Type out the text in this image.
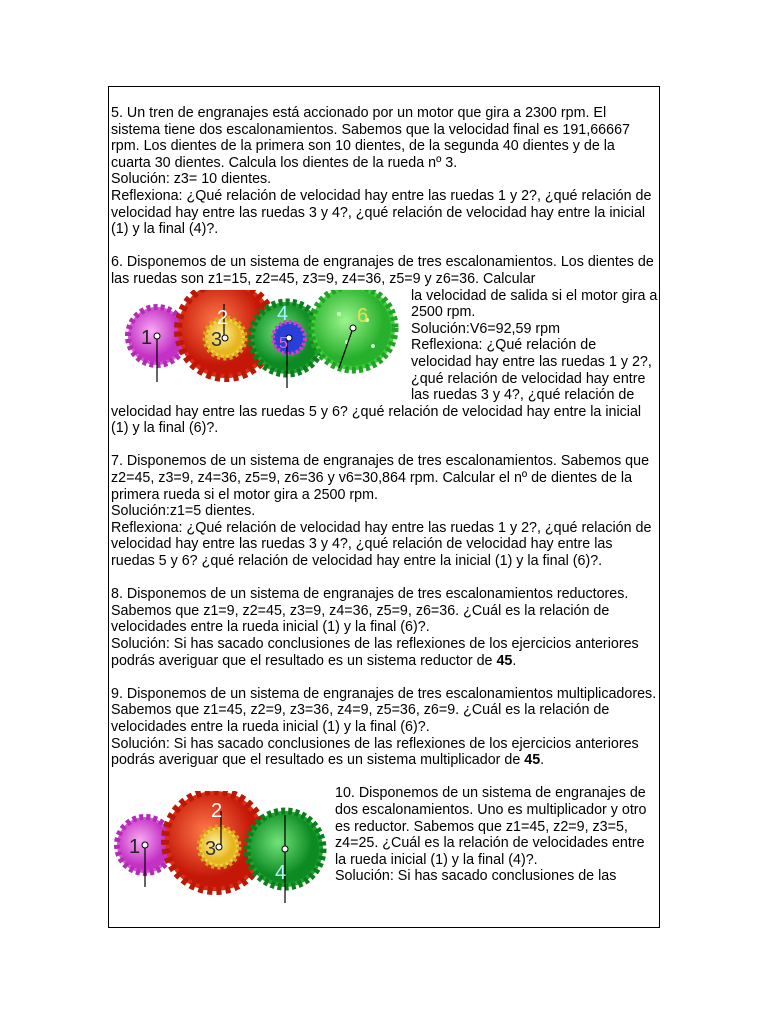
5. Un tren de engranajes está accionado por un motor que gira a 2300 rpm. El sistema tiene dos escalonamientos. Sabemos que la velocidad final es 191,66667 rpm. Los dientes de la primera son 10 dientes, de la segunda 40 dientes y de la cuarta 30 dientes. Calcula los dientes de la rueda nº 3.

Solución: z3= 10 dientes.

Reflexiona: ¿Qué relación de velocidad hay entre las ruedas 1 y 2?, ¿qué relación de velocidad hay entre las ruedas 3 y 4?, ¿qué relación de velocidad hay entre la inicial (1) y la final (4)?.

6. Disponemos de un sistema de engranajes de tres escalonamientos. Los dientes de las ruedas son z1=15, z2=45, z3=9, z4=36, z5=9 y z6=36. Calcular

1
2
3
4
5
6

la velocidad de salida si el motor gira a 2500 rpm.

Solución:V6=92,59 rpm

Reflexiona: ¿Qué relación de velocidad hay entre las ruedas 1 y 2?, ¿qué relación de velocidad hay entre las ruedas 3 y 4?, ¿qué relación de velocidad hay entre las ruedas 5 y 6? ¿qué relación de velocidad hay entre la inicial (1) y la final (6)?.

7. Disponemos de un sistema de engranajes de tres escalonamientos. Sabemos que z2=45, z3=9, z4=36, z5=9, z6=36 y v6=30,864 rpm. Calcular el nº de dientes de la primera rueda si el motor gira a 2500 rpm.

Solución:z1=5 dientes.

Reflexiona: ¿Qué relación de velocidad hay entre las ruedas 1 y 2?, ¿qué relación de velocidad hay entre las ruedas 3 y 4?, ¿qué relación de velocidad hay entre las ruedas 5 y 6? ¿qué relación de velocidad hay entre la inicial (1) y la final (6)?.

8. Disponemos de un sistema de engranajes de tres escalonamientos reductores. Sabemos que z1=9, z2=45, z3=9, z4=36, z5=9, z6=36. ¿Cuál es la relación de velocidades entre la rueda inicial (1) y la final (6)?.

Solución: Si has sacado conclusiones de las reflexiones de los ejercicios anteriores podrás averiguar que el resultado es un sistema reductor de 45.

9. Disponemos de un sistema de engranajes de tres escalonamientos multiplicadores. Sabemos que z1=45, z2=9, z3=36, z4=9, z5=36, z6=9. ¿Cuál es la relación de velocidades entre la rueda inicial (1) y la final (6)?.

Solución: Si has sacado conclusiones de las reflexiones de los ejercicios anteriores podrás averiguar que el resultado es un sistema multiplicador de 45.

1
2
3
4

10. Disponemos de un sistema de engranajes de dos escalonamientos. Uno es multiplicador y otro es reductor. Sabemos que z1=45, z2=9, z3=5, z4=25. ¿Cuál es la relación de velocidades entre la rueda inicial (1) y la final (4)?.

Solución: Si has sacado conclusiones de las
